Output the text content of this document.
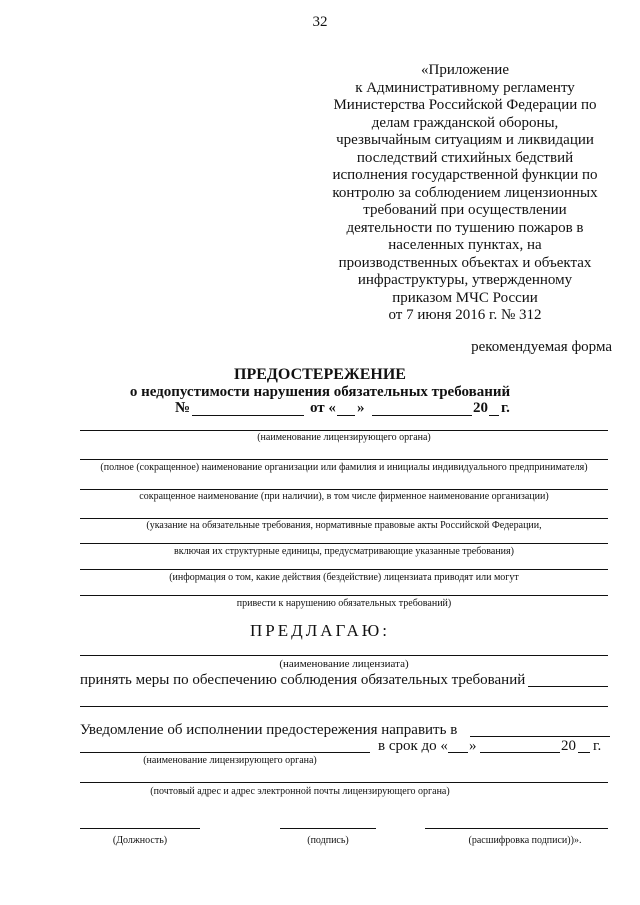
32
«Приложение
к Административному регламенту
Министерства Российской Федерации по
делам гражданской обороны,
чрезвычайным ситуациям и ликвидации
последствий стихийных бедствий
исполнения государственной функции по
контролю за соблюдением лицензионных
требований при осуществлении
деятельности по тушению пожаров в
населенных пунктах, на
производственных объектах и объектах
инфраструктуры, утвержденному
приказом МЧС России
от 7 июня 2016 г. № 312
рекомендуемая форма
ПРЕДОСТЕРЕЖЕНИЕ
о недопустимости нарушения обязательных требований
№	от « »	20 г.
(наименование лицензирующего органа)
(полное (сокращенное) наименование организации или фамилия и инициалы индивидуального предпринимателя)
сокращенное наименование (при наличии), в том числе фирменное наименование организации)
(указание на обязательные требования, нормативные правовые акты Российской Федерации,
включая их структурные единицы, предусматривающие указанные требования)
(информация о том, какие действия (бездействие) лицензиата приводят или могут
привести к нарушению обязательных требований)
ПРЕДЛАГАЮ:
(наименование лицензиата)
принять меры по обеспечению соблюдения обязательных требований
Уведомление об исполнении предостережения направить в
в срок до « »	20 г.
(наименование лицензирующего органа)
(почтовый адрес и адрес электронной почты лицензирующего органа)
(Должность)	(подпись)	(расшифровка подписи))».
